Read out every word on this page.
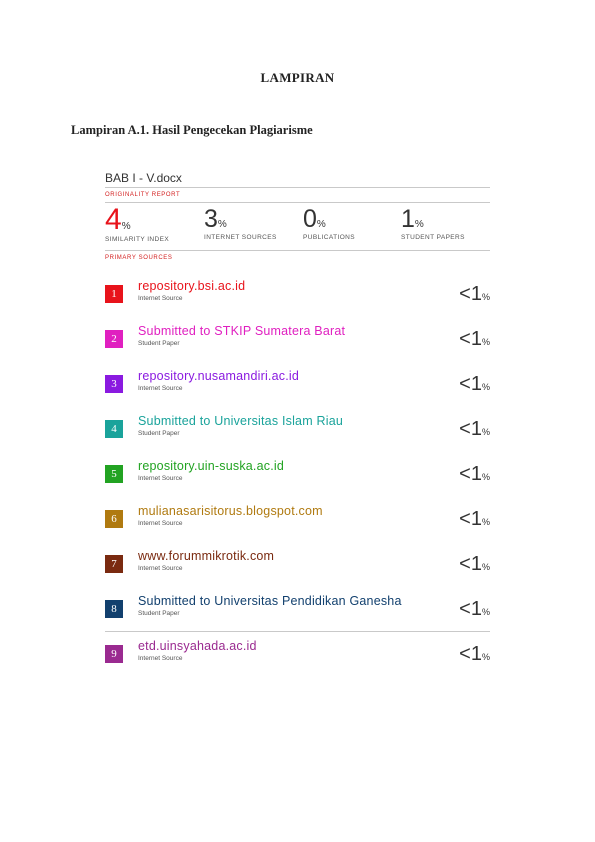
LAMPIRAN
Lampiran A.1. Hasil Pengecekan Plagiarisme
BAB I - V.docx
ORIGINALITY REPORT
4%
SIMILARITY INDEX
3%
INTERNET SOURCES
0%
PUBLICATIONS
1%
STUDENT PAPERS
PRIMARY SOURCES
1
repository.bsi.ac.id
Internet Source	<1%
2
Submitted to STKIP Sumatera Barat
Student Paper	<1%
3
repository.nusamandiri.ac.id
Internet Source	<1%
4
Submitted to Universitas Islam Riau
Student Paper	<1%
5
repository.uin-suska.ac.id
Internet Source	<1%
6
mulianasarisitorus.blogspot.com
Internet Source	<1%
7
www.forummikrotik.com
Internet Source	<1%
8
Submitted to Universitas Pendidikan Ganesha
Student Paper	<1%
9
etd.uinsyahada.ac.id
Internet Source	<1%
